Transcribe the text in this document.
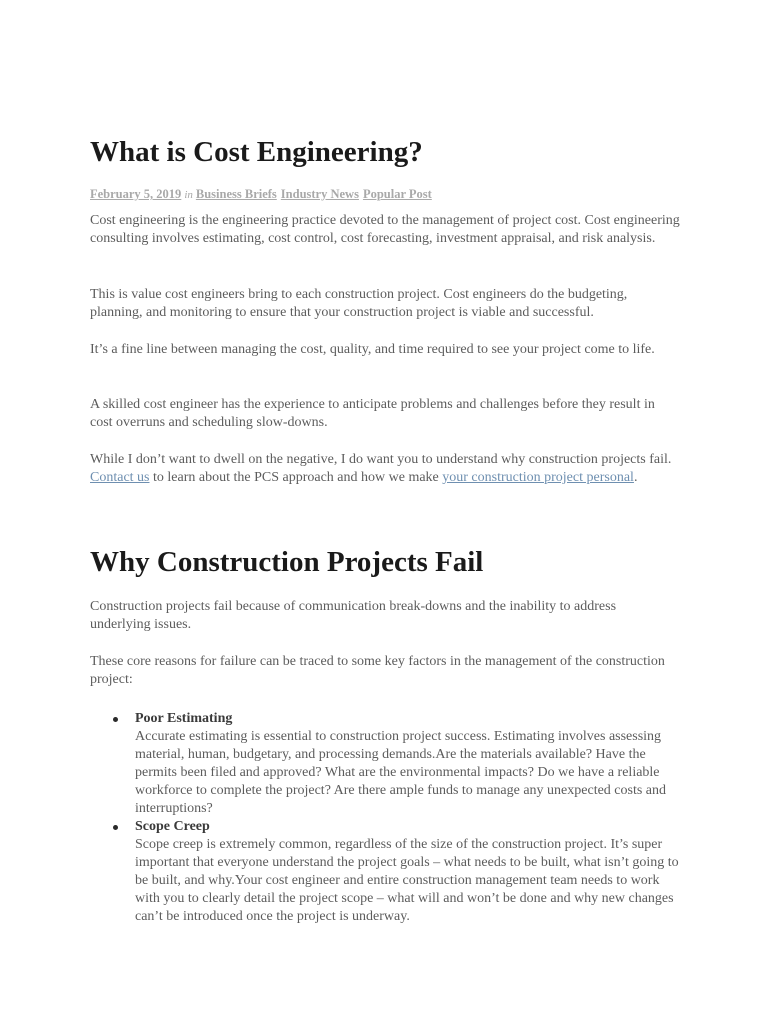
What is Cost Engineering?
February 5, 2019 in Business Briefs Industry News Popular Post

Cost engineering is the engineering practice devoted to the management of project cost. Cost engineering consulting involves estimating, cost control, cost forecasting, investment appraisal, and risk analysis.

This is value cost engineers bring to each construction project. Cost engineers do the budgeting, planning, and monitoring to ensure that your construction project is viable and successful.

It’s a fine line between managing the cost, quality, and time required to see your project come to life.

A skilled cost engineer has the experience to anticipate problems and challenges before they result in cost overruns and scheduling slow-downs.

While I don’t want to dwell on the negative, I do want you to understand why construction projects fail. Contact us to learn about the PCS approach and how we make your construction project personal.

Why Construction Projects Fail

Construction projects fail because of communication break-downs and the inability to address underlying issues.

These core reasons for failure can be traced to some key factors in the management of the construction project:

Poor Estimating
Accurate estimating is essential to construction project success. Estimating involves assessing material, human, budgetary, and processing demands.Are the materials available? Have the permits been filed and approved? What are the environmental impacts? Do we have a reliable workforce to complete the project? Are there ample funds to manage any unexpected costs and interruptions?
Scope Creep
Scope creep is extremely common, regardless of the size of the construction project. It’s super important that everyone understand the project goals – what needs to be built, what isn’t going to be built, and why.Your cost engineer and entire construction management team needs to work with you to clearly detail the project scope – what will and won’t be done and why new changes can’t be introduced once the project is underway.
